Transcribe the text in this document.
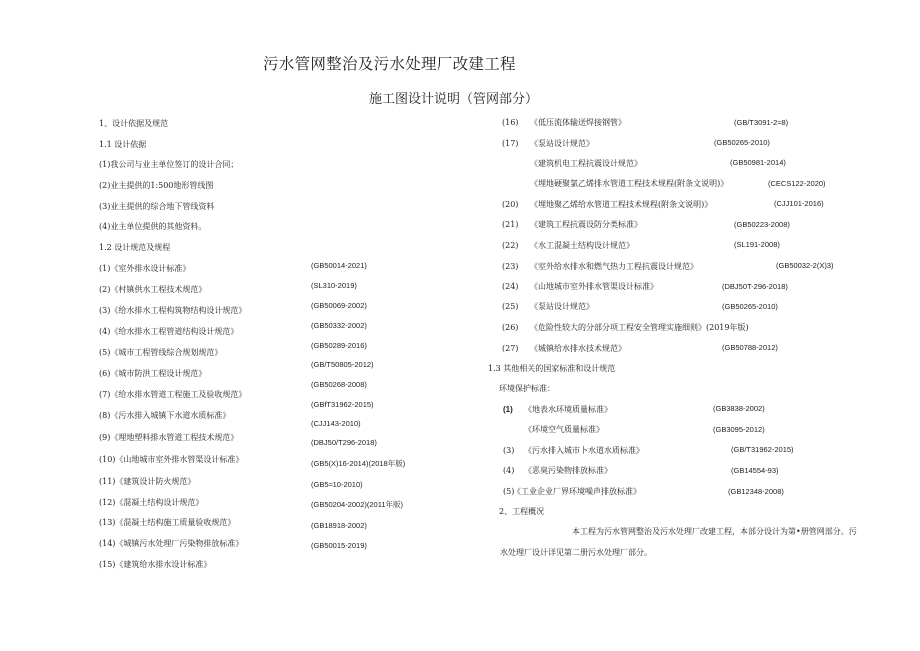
污水管网整治及污水处理厂改建工程
施工图设计说明（管网部分）
1、设计依据及规范
1.1 设计依据
(1)我公司与业主单位签订的设计合同；
(2)业主提供的1:500地形管线图
(3)业主提供的综合地下管线资料
(4)业主单位提供的其他资料。
1.2 设计规范及规程
(1)《室外排水设计标准》	(GB50014-2021)
(2)《村镇供水工程技术规范》	(SL310-2019)
(3)《给水排水工程构筑物结构设计规范》
(GB50069-2002)
(4)《给水排水工程管道结构设计规范》
(GB50332-2002)
(5)《城市工程管线综合规划规范》
(GB50289-2016)
(6)《城市防洪工程设计规范》
(GB/T50805-2012)
(7)《给水排水管道工程施工及验收规范》
(GB50268-2008)
(8)《污水排入城镇下水道水质标准》
(GBfT31962-2015)
(9)《埋地塑料排水管道工程技术规范》
(CJJ143-2010)
(10)《山地城市室外排水管渠设计标准》
(DBJ50/T296-2018)
(11)《建筑设计防火规范》
(GB5(X)16-2014)(2018年版)
(12)《混凝土结构设计规范》
(GB5≈10-2010)
(13)《混凝土结构施工质量验收规范》
(GB50204-2002)(2011年版)
(14)《城镇污水处理厂污染物排放标准》
(GB18918-2002)
(15)《建筑给水排水设计标准》
(GB50015-2019)
(16) 《低压流体输送焊接钢管》	(GB/T3091-2≈8)
(17) 《泵站设计规范》	(GB50265-2010)
《建筑机电工程抗震设计规范》	(GB50981-2014)
《埋地硬聚氯乙烯排水管道工程技术规程(附条文说明)》	(CECS122-2020)
(20) 《埋地聚乙烯给水管道工程技术规程(附条文说明)》	(CJJ101-2016)
(21) 《建筑工程抗震设防分类标准》	(GB50223-2008)
(22) 《水工混凝土结构设计规范》	(SL191-2008)
(23) 《室外给水排水和燃气热力工程抗震设计规范》	(GB50032-2(X)3)
(24) 《山地城市室外排水管渠设计标准》	(DBJ50T-296-2018)
(25) 《泵站设计规范》	(GB50265-2010)
(26) 《危险性较大的分部分项工程安全管理实施细则》(2019年版)
(27) 《城镇给水排水技术规范》	(GB50788-2012)
1.3 其他相关的国家标准和设计规范
环境保护标准：
(1) 《地表水环境质量标准》	(GB3838-2002)
《环境空气质量标准》	(GB3095-2012)
(3) 《污水排入城市卜水道水质标准》	(GB/T31962-2015)
(4) 《恶臭污染物排放标准》	(GB14554-93)
(5)
《工业企业厂界环境噪声排放标准》	(GB12348-2008)
2、工程概况
本工程为污水管网整治及污水处理厂改建工程，本部分设计为第•册管网部分。污
水处理厂设计详见第二册污水处理厂部分。
